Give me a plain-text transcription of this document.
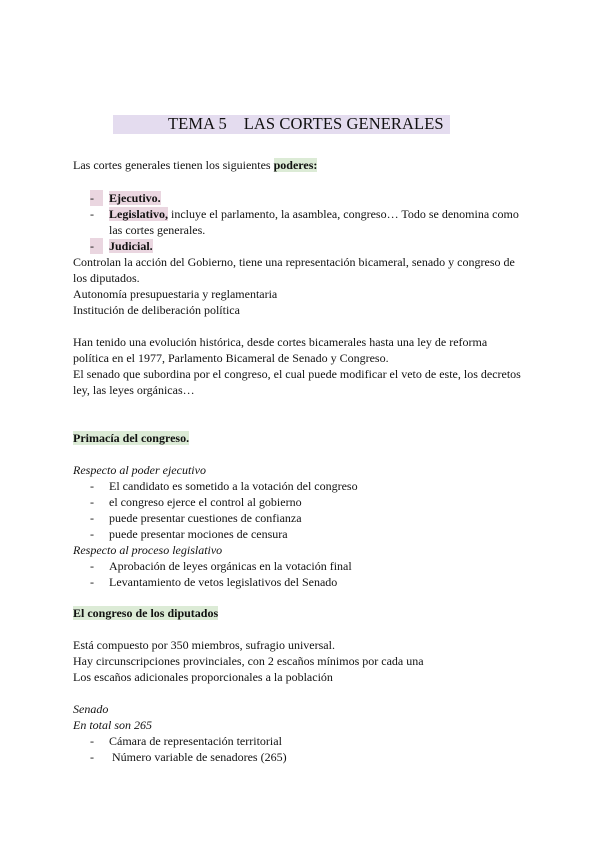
TEMA 5    LAS CORTES GENERALES
Las cortes generales tienen los siguientes poderes:
-	Ejecutivo.
- Legislativo, incluye el parlamento, la asamblea, congreso… Todo se denomina como
las cortes generales.
-	Judicial.
Controlan la acción del Gobierno, tiene una representación bicameral, senado y congreso de
los diputados.
Autonomía presupuestaria y reglamentaria
Institución de deliberación política
Han tenido una evolución histórica, desde cortes bicamerales hasta una ley de reforma
política en el 1977, Parlamento Bicameral de Senado y Congreso.
El senado que subordina por el congreso, el cual puede modificar el veto de este, los decretos
ley, las leyes orgánicas…
Primacía del congreso.
Respecto al poder ejecutivo
- El candidato es sometido a la votación del congreso
- el congreso ejerce el control al gobierno
- puede presentar cuestiones de confianza
- puede presentar mociones de censura
Respecto al proceso legislativo
- Aprobación de leyes orgánicas en la votación final
- Levantamiento de vetos legislativos del Senado
El congreso de los diputados
Está compuesto por 350 miembros, sufragio universal.
Hay circunscripciones provinciales, con 2 escaños mínimos por cada una
Los escaños adicionales proporcionales a la población
Senado
En total son 265
- Cámara de representación territorial
- Número variable de senadores (265)
